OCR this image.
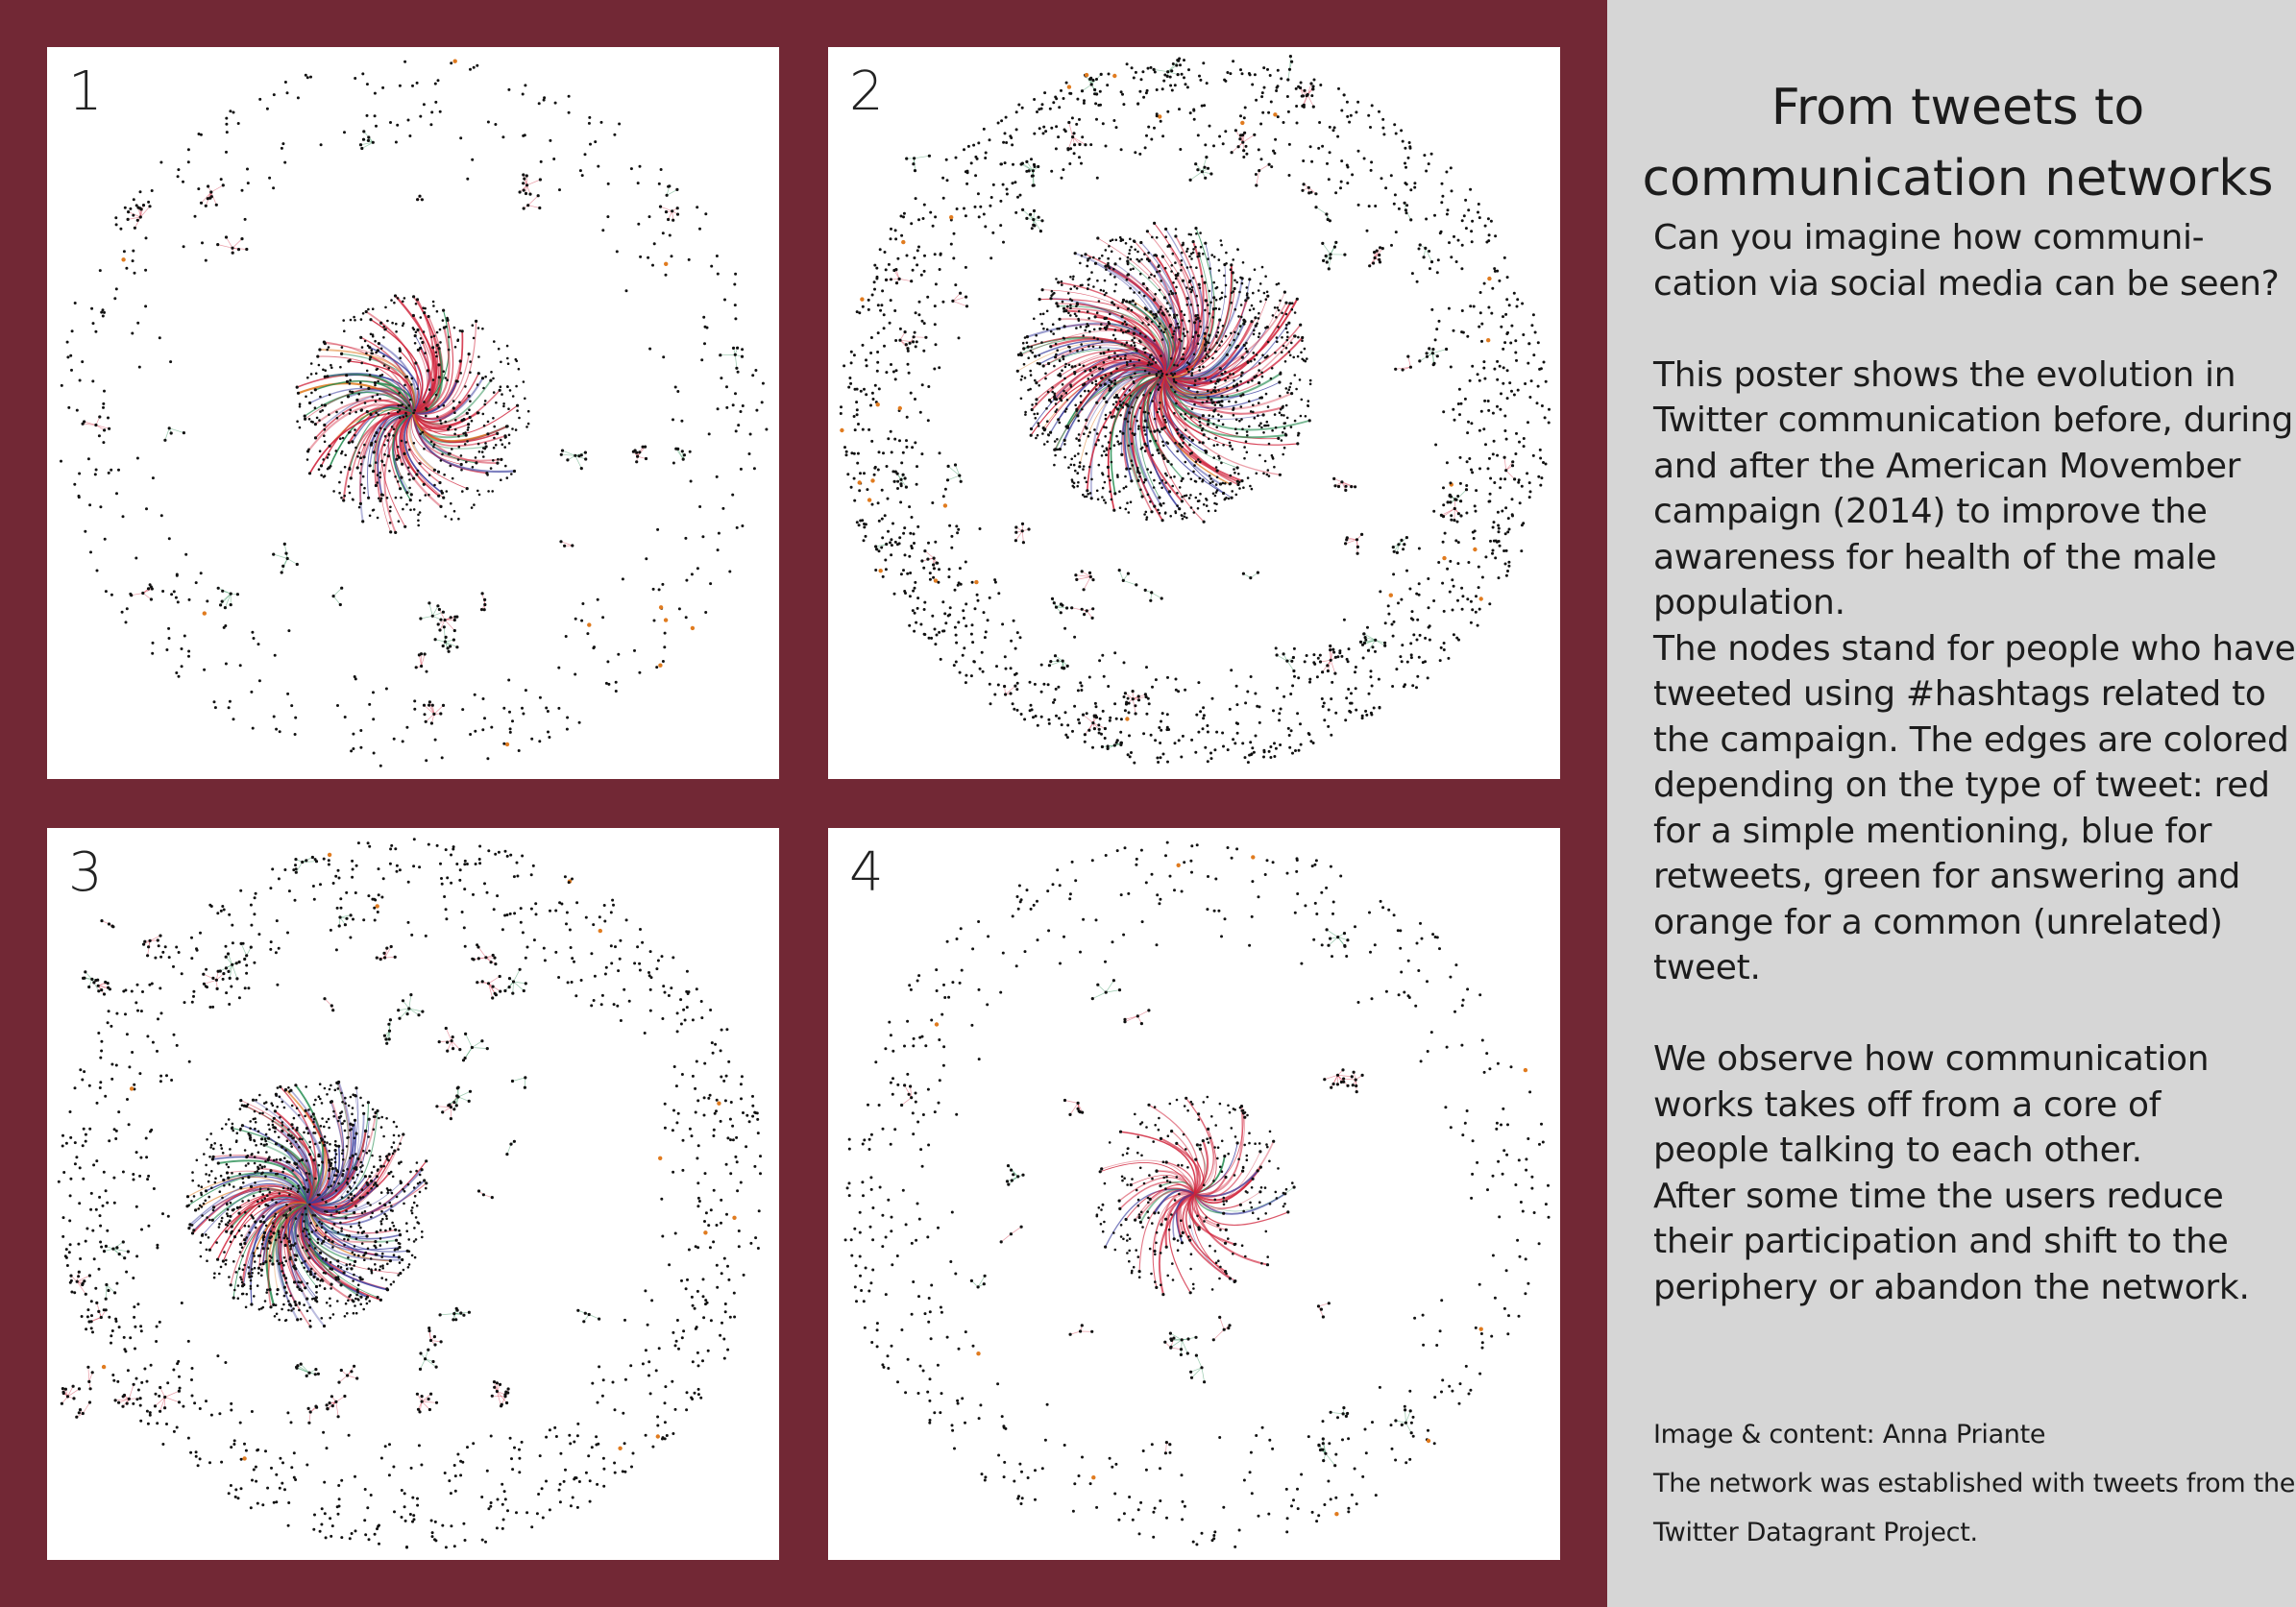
1	2
3	4
From tweets to
communication networks
Can you imagine how communi-
cation via social media can be seen?
This poster shows the evolution in
Twitter communication before, during
and after the American Movember
campaign (2014) to improve the
awareness for health of the male
population.
The nodes stand for people who have
tweeted using #hashtags related to
the campaign. The edges are colored
depending on the type of tweet: red
for a simple mentioning, blue for
retweets, green for answering and
orange for a common (unrelated)
tweet.
We observe how communication
works takes off from a core of
people talking to each other.
After some time the users reduce
their participation and shift to the
periphery or abandon the network.
Image & content: Anna Priante
The network was established with tweets from the
Twitter Datagrant Project.
